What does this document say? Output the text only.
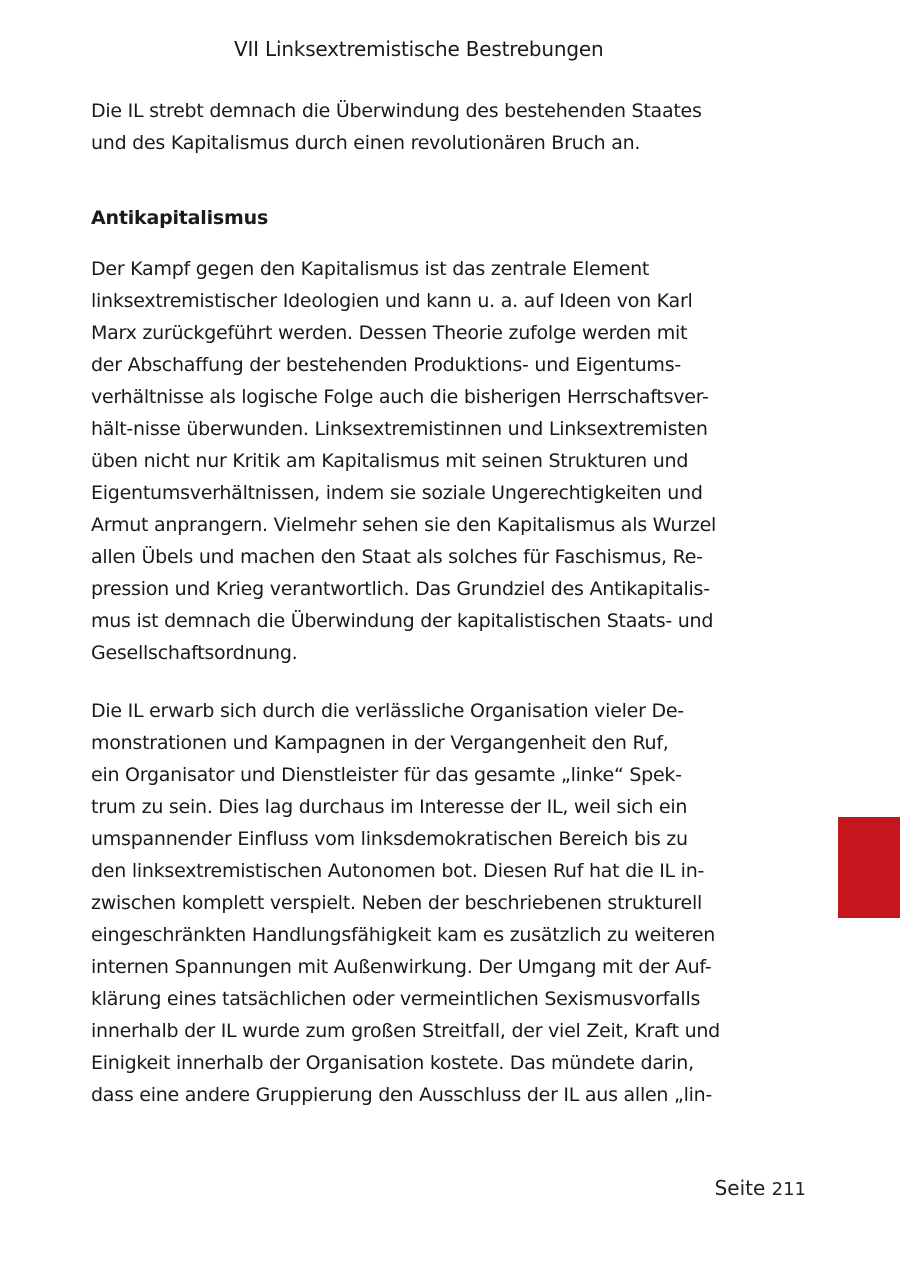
VII Linksextremistische Bestrebungen
Die IL strebt demnach die Überwindung des bestehenden Staates
und des Kapitalismus durch einen revolutionären Bruch an.
Antikapitalismus
Der Kampf gegen den Kapitalismus ist das zentrale Element
linksextremistischer Ideologien und kann u. a. auf Ideen von Karl
Marx zurückgeführt werden. Dessen Theorie zufolge werden mit
der Abschaffung der bestehenden Produktions- und Eigentums-
verhältnisse als logische Folge auch die bisherigen Herrschaftsver-
hält-nisse überwunden. Linksextremistinnen und Linksextremisten
üben nicht nur Kritik am Kapitalismus mit seinen Strukturen und
Eigentumsverhältnissen, indem sie soziale Ungerechtigkeiten und
Armut anprangern. Vielmehr sehen sie den Kapitalismus als Wurzel
allen Übels und machen den Staat als solches für Faschismus, Re-
pression und Krieg verantwortlich. Das Grundziel des Antikapitalis-
mus ist demnach die Überwindung der kapitalistischen Staats- und
Gesellschaftsordnung.
Die IL erwarb sich durch die verlässliche Organisation vieler De-
monstrationen und Kampagnen in der Vergangenheit den Ruf,
ein Organisator und Dienstleister für das gesamte „linke“ Spek-
trum zu sein. Dies lag durchaus im Interesse der IL, weil sich ein
umspannender Einfluss vom linksdemokratischen Bereich bis zu
den linksextremistischen Autonomen bot. Diesen Ruf hat die IL in-
zwischen komplett verspielt. Neben der beschriebenen strukturell
eingeschränkten Handlungsfähigkeit kam es zusätzlich zu weiteren
internen Spannungen mit Außenwirkung. Der Umgang mit der Auf-
klärung eines tatsächlichen oder vermeintlichen Sexismusvorfalls
innerhalb der IL wurde zum großen Streitfall, der viel Zeit, Kraft und
Einigkeit innerhalb der Organisation kostete. Das mündete darin,
dass eine andere Gruppierung den Ausschluss der IL aus allen „lin-
Seite 211
